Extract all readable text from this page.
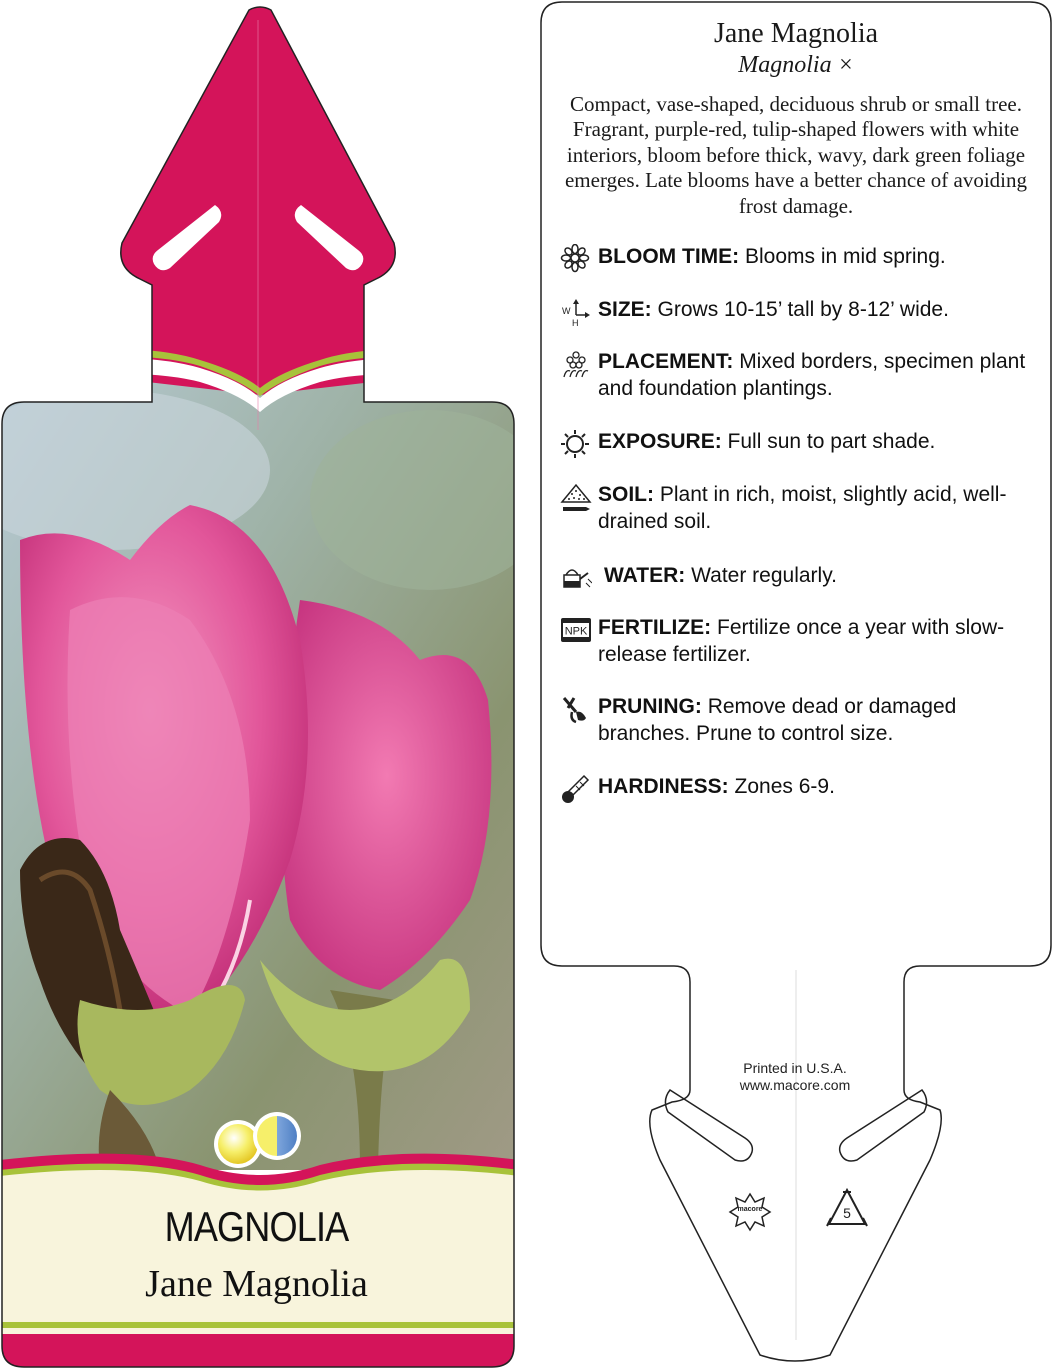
MAGNOLIA
Jane Magnolia
Jane Magnolia
Magnolia ×
Compact, vase-shaped, deciduous shrub or small tree. Fragrant, purple-red, tulip-shaped flowers with white interiors, bloom before thick, wavy, dark green foliage emerges. Late blooms have a better chance of avoiding frost damage.
BLOOM TIME: Blooms in mid spring.
W
H
SIZE: Grows 10-15’ tall by 8-12’ wide.
PLACEMENT: Mixed borders, specimen plant and foundation plantings.
EXPOSURE: Full sun to part shade.
SOIL: Plant in rich, moist, slightly acid, well-drained soil.
WATER: Water regularly.
NPK FERTILIZE: Fertilize once a year with slow-release fertilizer.
PRUNING: Remove dead or damaged branches. Prune to control size.
HARDINESS: Zones 6-9.
Printed in U.S.A.
www.macore.com
macore	5
